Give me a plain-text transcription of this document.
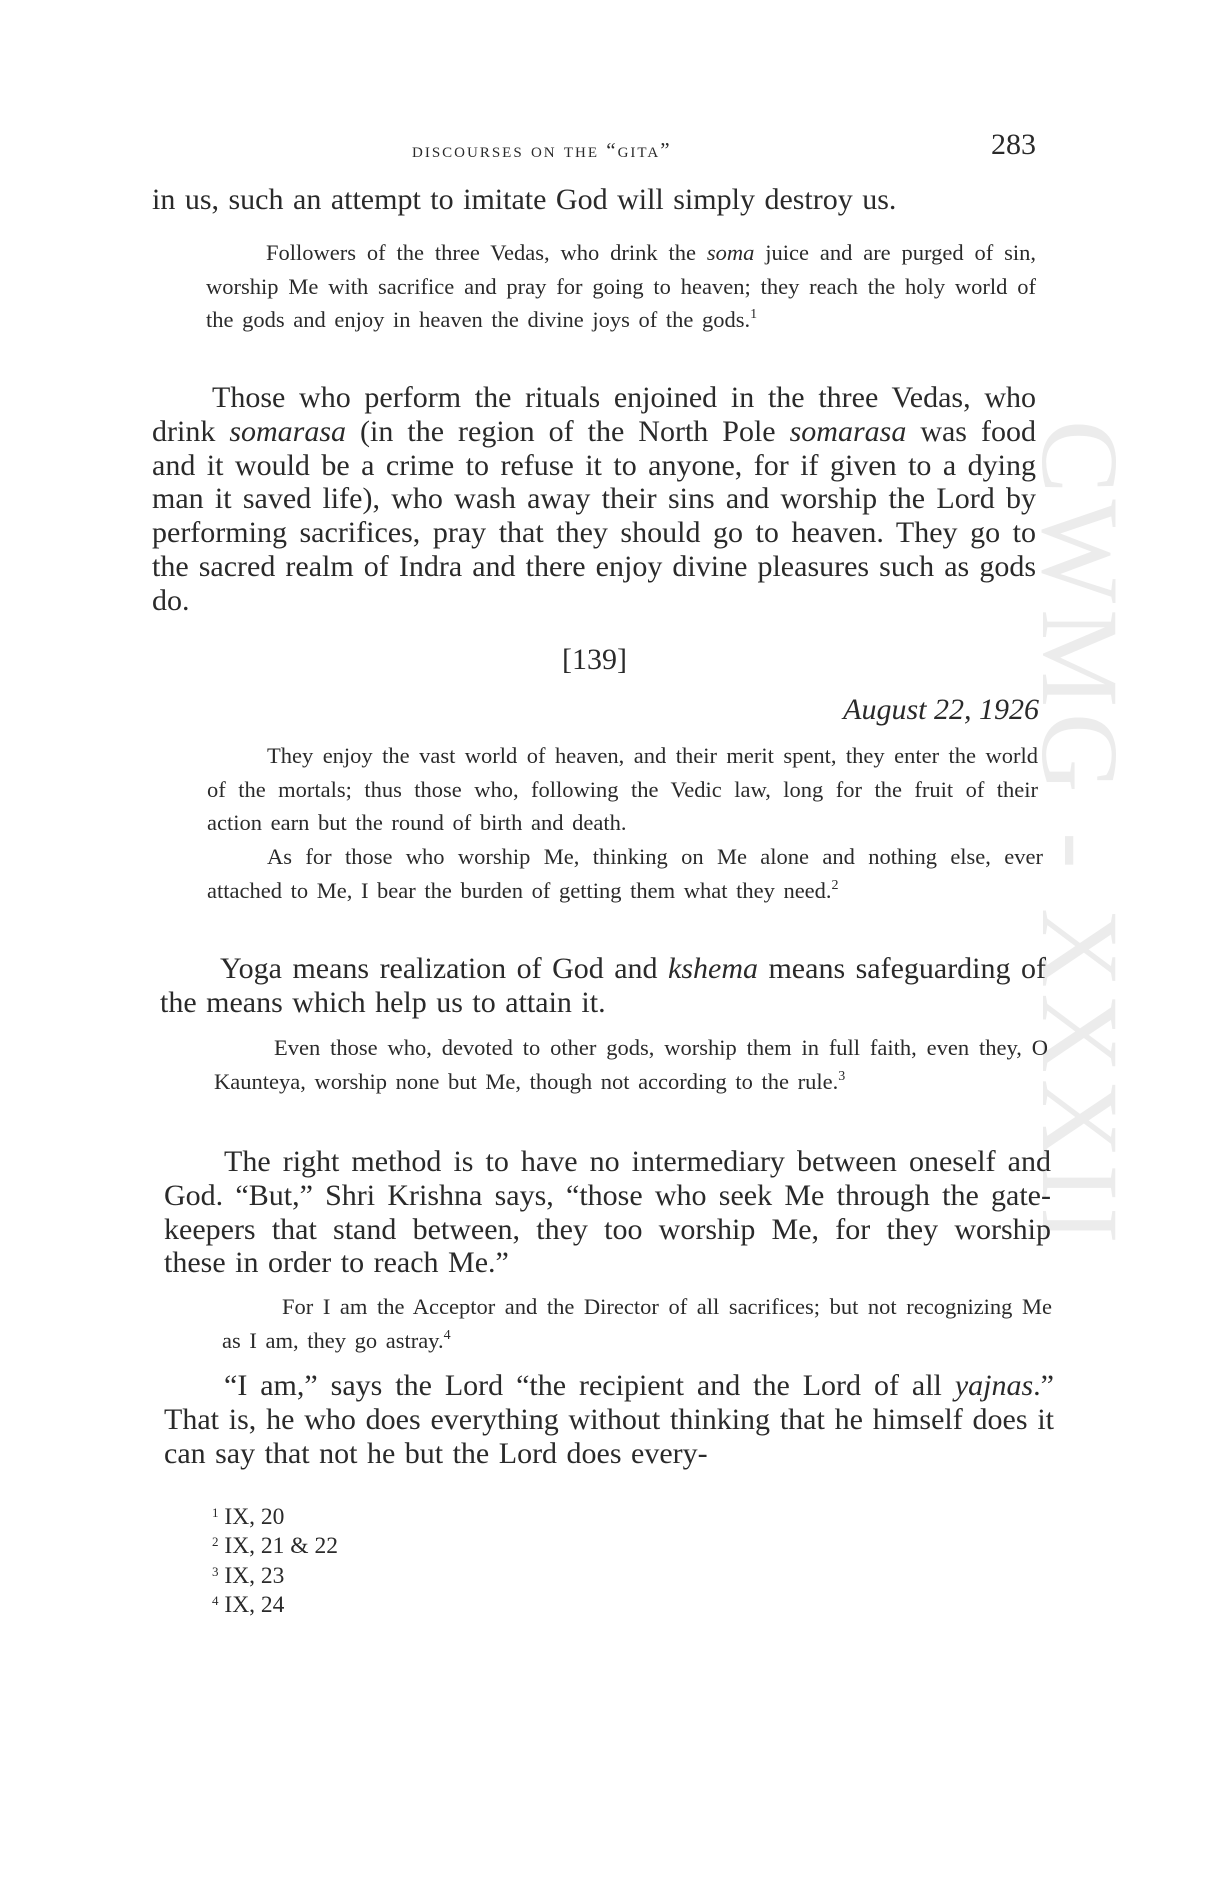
CWMG - XXXII
discourses on the “gita”	283

in us, such an attempt to imitate God will simply destroy us.

Followers of the three Vedas, who drink the soma juice and are purged of sin, worship Me with sacrifice and pray for going to heaven; they reach the holy world of the gods and enjoy in heaven the divine joys of the gods.$^1$

Those who perform the rituals enjoined in the three Vedas, who drink somarasa (in the region of the North Pole somarasa was food and it would be a crime to refuse it to anyone, for if given to a dying man it saved life), who wash away their sins and worship the Lord by performing sacrifices, pray that they should go to heaven. They go to the sacred realm of Indra and there enjoy divine pleasures such as gods do.

[139]
August 22, 1926

They enjoy the vast world of heaven, and their merit spent, they enter the world of the mortals; thus those who, following the Vedic law, long for the fruit of their action earn but the round of birth and death.

As for those who worship Me, thinking on Me alone and nothing else, ever attached to Me, I bear the burden of getting them what they need.$^2$

Yoga means realization of God and kshema means safeguarding of the means which help us to attain it.

Even those who, devoted to other gods, worship them in full faith, even they, O Kaunteya, worship none but Me, though not according to the rule.$^3$

The right method is to have no intermediary between oneself and God. “But,” Shri Krishna says, “those who seek Me through the gate-keepers that stand between, they too worship Me, for they worship these in order to reach Me.”

For I am the Acceptor and the Director of all sacrifices; but not recognizing Me as I am, they go astray.$^4$

“I am,” says the Lord “the recipient and the Lord of all yajnas.” That is, he who does everything without thinking that he himself does it can say that not he but the Lord does every-

$^1$ IX, 20
$^2$ IX, 21 & 22
$^3$ IX, 23
$^4$ IX, 24
